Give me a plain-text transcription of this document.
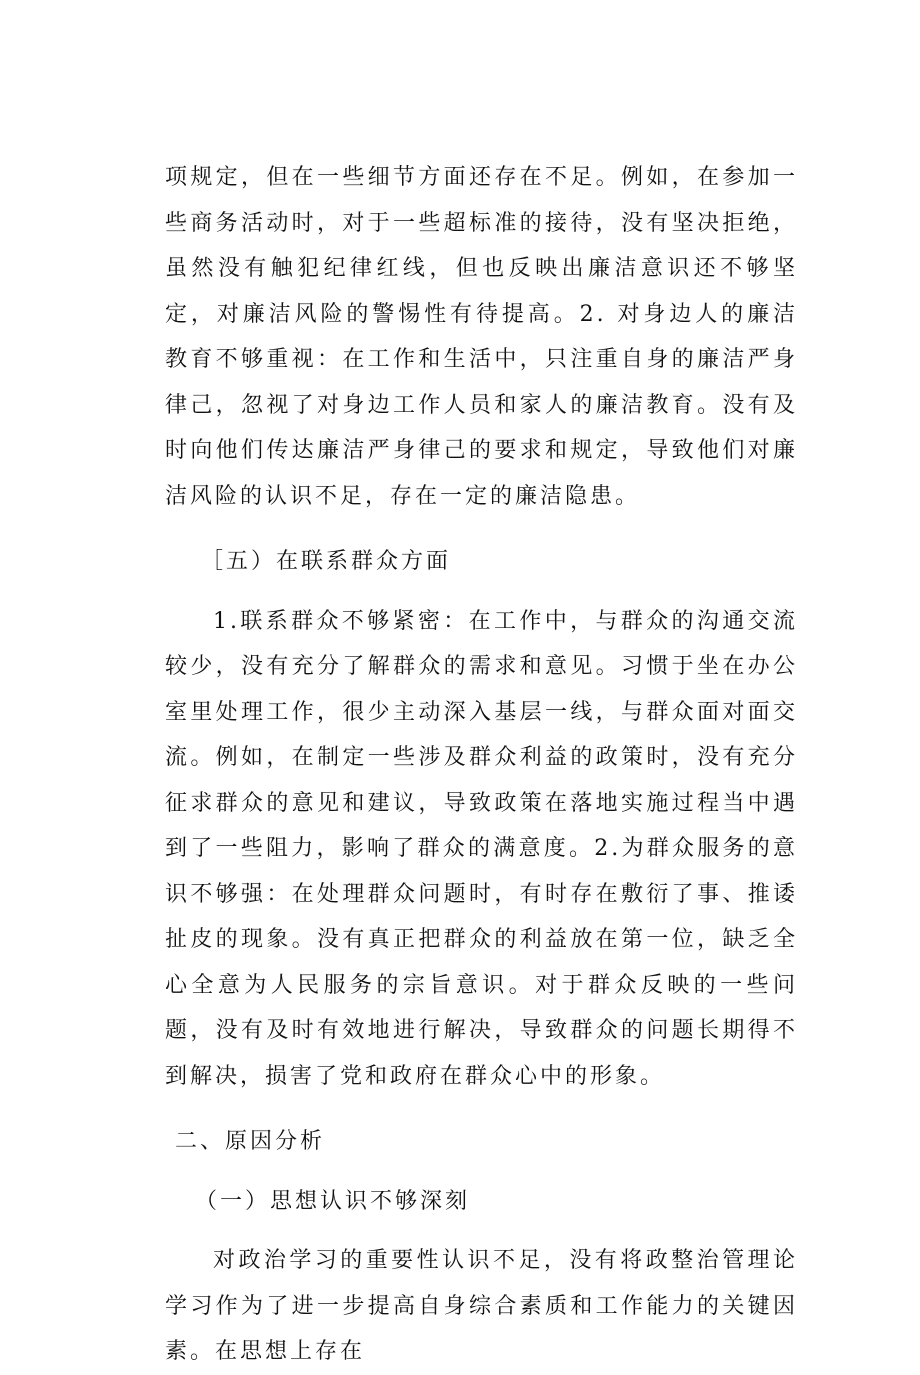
项规定，但在一些细节方面还存在不足。例如，在参加一些商务活动时，对于一些超标准的接待，没有坚决拒绝，虽然没有触犯纪律红线，但也反映出廉洁意识还不够坚定，对廉洁风险的警惕性有待提高。2. 对身边人的廉洁教育不够重视：在工作和生活中，只注重自身的廉洁严身律己，忽视了对身边工作人员和家人的廉洁教育。没有及时向他们传达廉洁严身律己的要求和规定，导致他们对廉洁风险的认识不足，存在一定的廉洁隐患。

［五）在联系群众方面

1.联系群众不够紧密：在工作中，与群众的沟通交流较少，没有充分了解群众的需求和意见。习惯于坐在办公室里处理工作，很少主动深入基层一线，与群众面对面交流。例如，在制定一些涉及群众利益的政策时，没有充分征求群众的意见和建议，导致政策在落地实施过程当中遇到了一些阻力，影响了群众的满意度。2.为群众服务的意识不够强：在处理群众问题时，有时存在敷衍了事、推诿扯皮的现象。没有真正把群众的利益放在第一位，缺乏全心全意为人民服务的宗旨意识。对于群众反映的一些问题，没有及时有效地进行解决，导致群众的问题长期得不到解决，损害了党和政府在群众心中的形象。

二、原因分析

（一）思想认识不够深刻

对政治学习的重要性认识不足，没有将政整治管理论学习作为了进一步提高自身综合素质和工作能力的关键因素。在思想上存在
